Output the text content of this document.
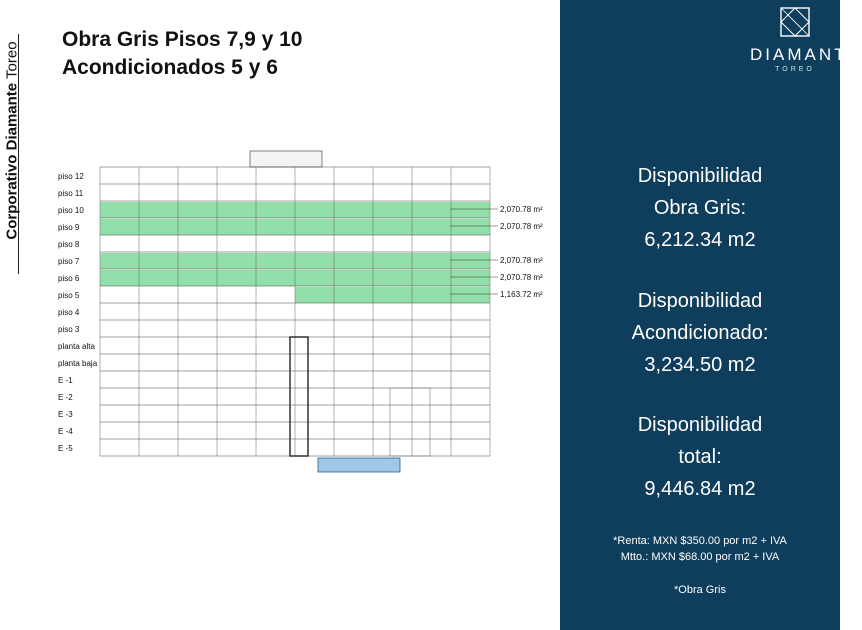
Corporativo Diamante Toreo
Obra Gris Pisos 7,9 y 10
Acondicionados 5 y 6
piso 12
piso 11
piso 10	2,070.78 m²
piso 9	2,070.78 m²
piso 8
piso 7	2,070.78 m²
piso 6	2,070.78 m²
piso 5	1,163.72 m²
piso 4
piso 3
planta alta
planta baja
E -1
E -2
E -3
E -4
E -5
DIAMANTE
TOREO
Disponibilidad
Obra Gris:
6,212.34 m2
Disponibilidad
Acondicionado:
3,234.50 m2
Disponibilidad
total:
9,446.84 m2
*Renta: MXN $350.00 por m2 + IVA
Mtto.: MXN $68.00 por m2 + IVA
*Obra Gris
